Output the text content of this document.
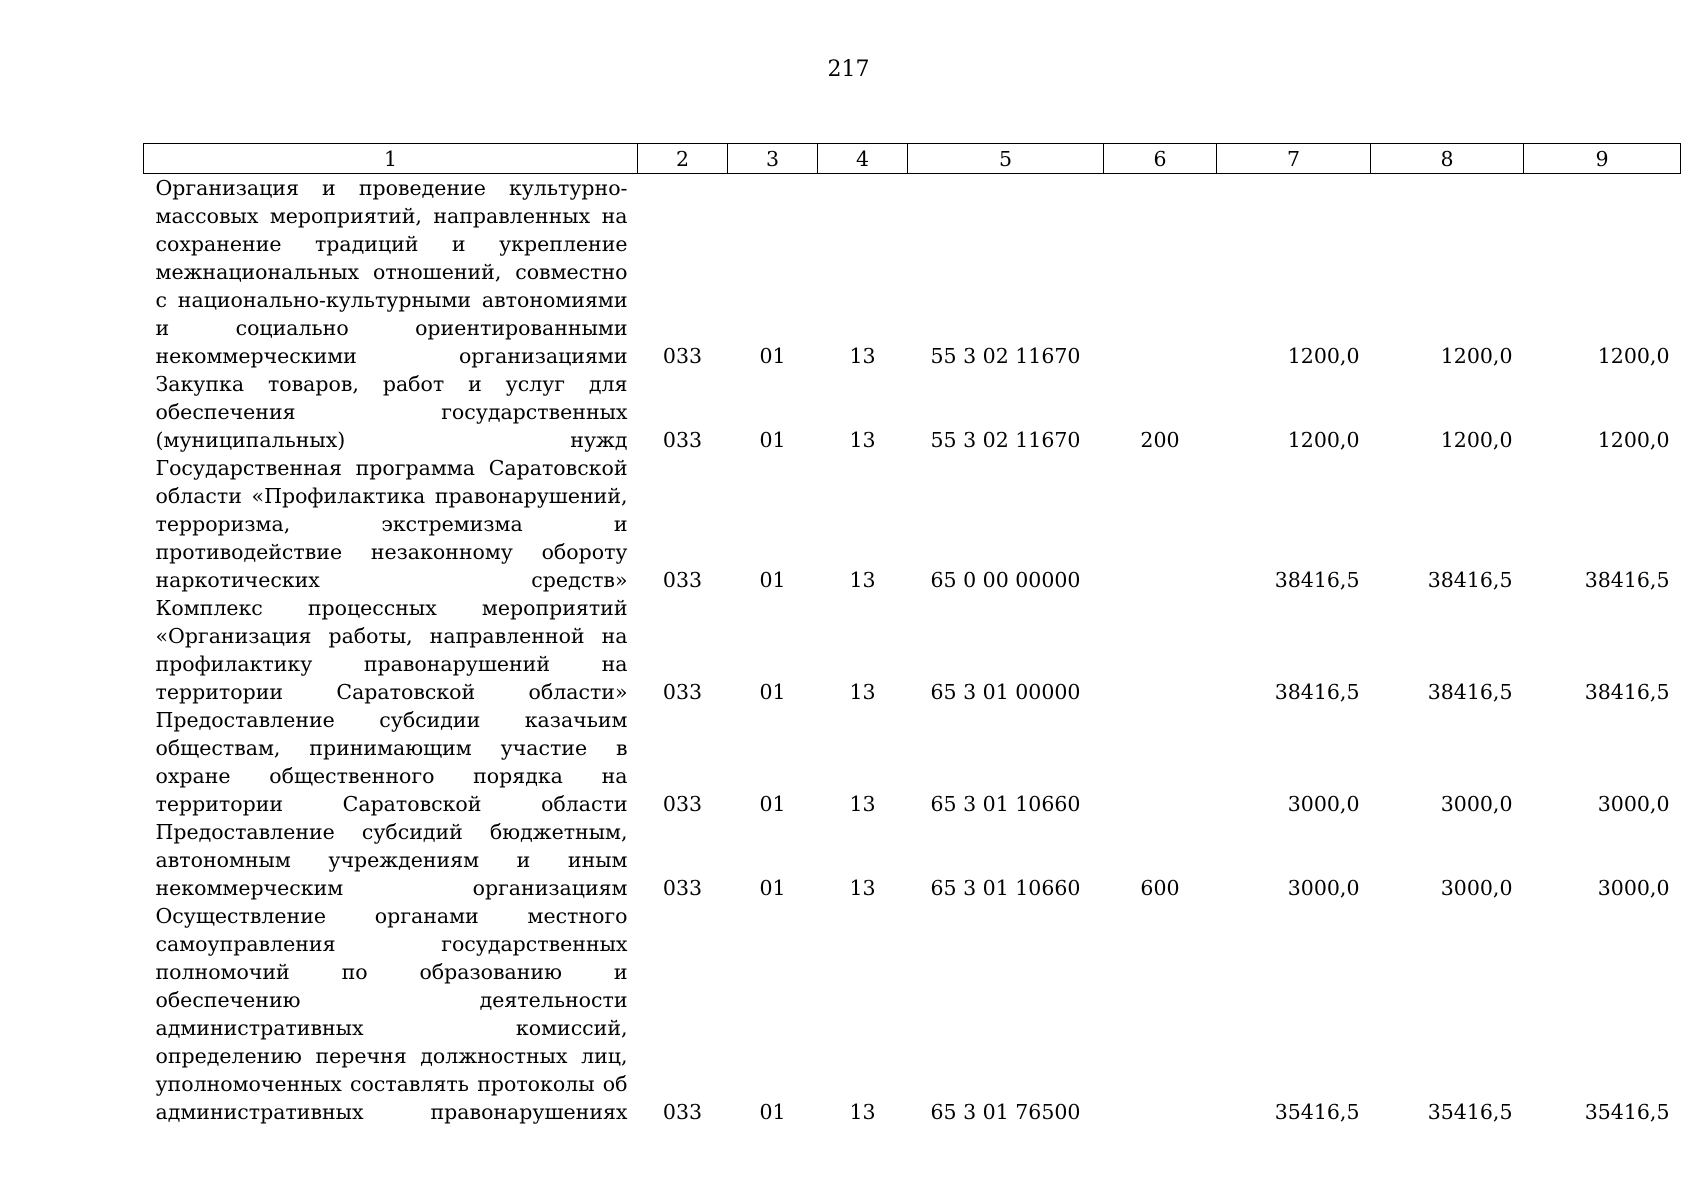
217
1	2	3	4	5	6	7	8	9
Организация и проведение культурно-массовых мероприятий, направленных на сохранение традиций и укрепление межнациональных отношений, совместно с национально-культурными автономиями и социально ориентированными некоммерческими организациями	033	01	13	55 3 02 11670		1200,0	1200,0	1200,0
Закупка товаров, работ и услуг для обеспечения государственных (муниципальных) нужд	033	01	13	55 3 02 11670	200	1200,0	1200,0	1200,0
Государственная программа Саратовской области «Профилактика правонарушений, терроризма, экстремизма и противодействие незаконному обороту наркотических средств»	033	01	13	65 0 00 00000		38416,5	38416,5	38416,5
Комплекс процессных мероприятий «Организация работы, направленной на профилактику правонарушений на территории Саратовской области»	033	01	13	65 3 01 00000		38416,5	38416,5	38416,5
Предоставление субсидии казачьим обществам, принимающим участие в охране общественного порядка на территории Саратовской области	033	01	13	65 3 01 10660		3000,0	3000,0	3000,0
Предоставление субсидий бюджетным, автономным учреждениям и иным некоммерческим организациям	033	01	13	65 3 01 10660	600	3000,0	3000,0	3000,0
Осуществление органами местного самоуправления государственных полномочий по образованию и обеспечению деятельности административных комиссий, определению перечня должностных лиц, уполномоченных составлять протоколы об административных правонарушениях	033	01	13	65 3 01 76500		35416,5	35416,5	35416,5
